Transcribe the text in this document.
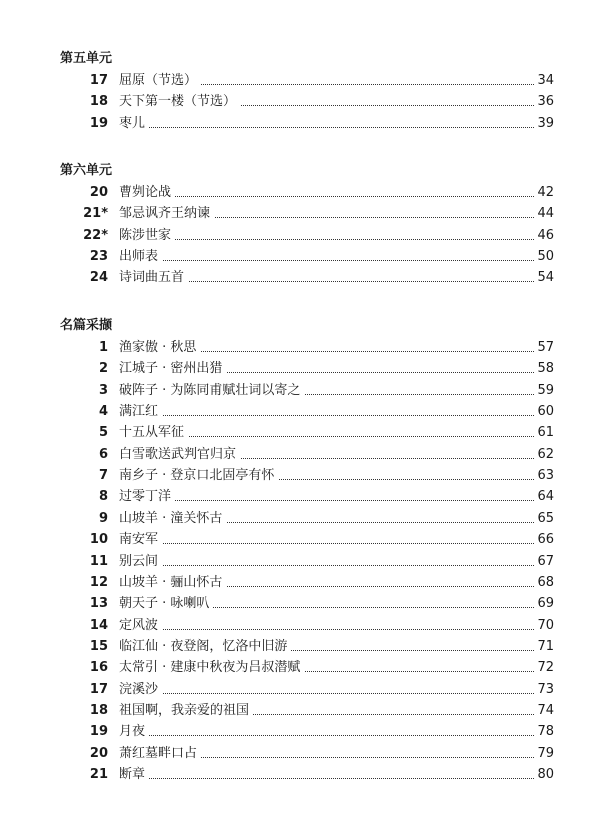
第五单元
17 屈原（节选）	34
18 天下第一楼（节选）	36
19 枣儿	39
第六单元
20 曹刿论战	42
21* 邹忌讽齐王纳谏	44
22* 陈涉世家	46
23 出师表	50
24 诗词曲五首	54
名篇采撷
1 渔家傲 · 秋思	57
2 江城子 · 密州出猎	58
3 破阵子 · 为陈同甫赋壮词以寄之	59
4 满江红	60
5 十五从军征	61
6 白雪歌送武判官归京	62
7 南乡子 · 登京口北固亭有怀	63
8 过零丁洋	64
9 山坡羊 · 潼关怀古	65
10 南安军	66
11 别云间	67
12 山坡羊 · 骊山怀古	68
13 朝天子 · 咏喇叭	69
14 定风波	70
15 临江仙 · 夜登阁，忆洛中旧游	71
16 太常引 · 建康中秋夜为吕叔潜赋	72
17 浣溪沙	73
18 祖国啊，我亲爱的祖国	74
19 月夜	78
20 萧红墓畔口占	79
21 断章	80
